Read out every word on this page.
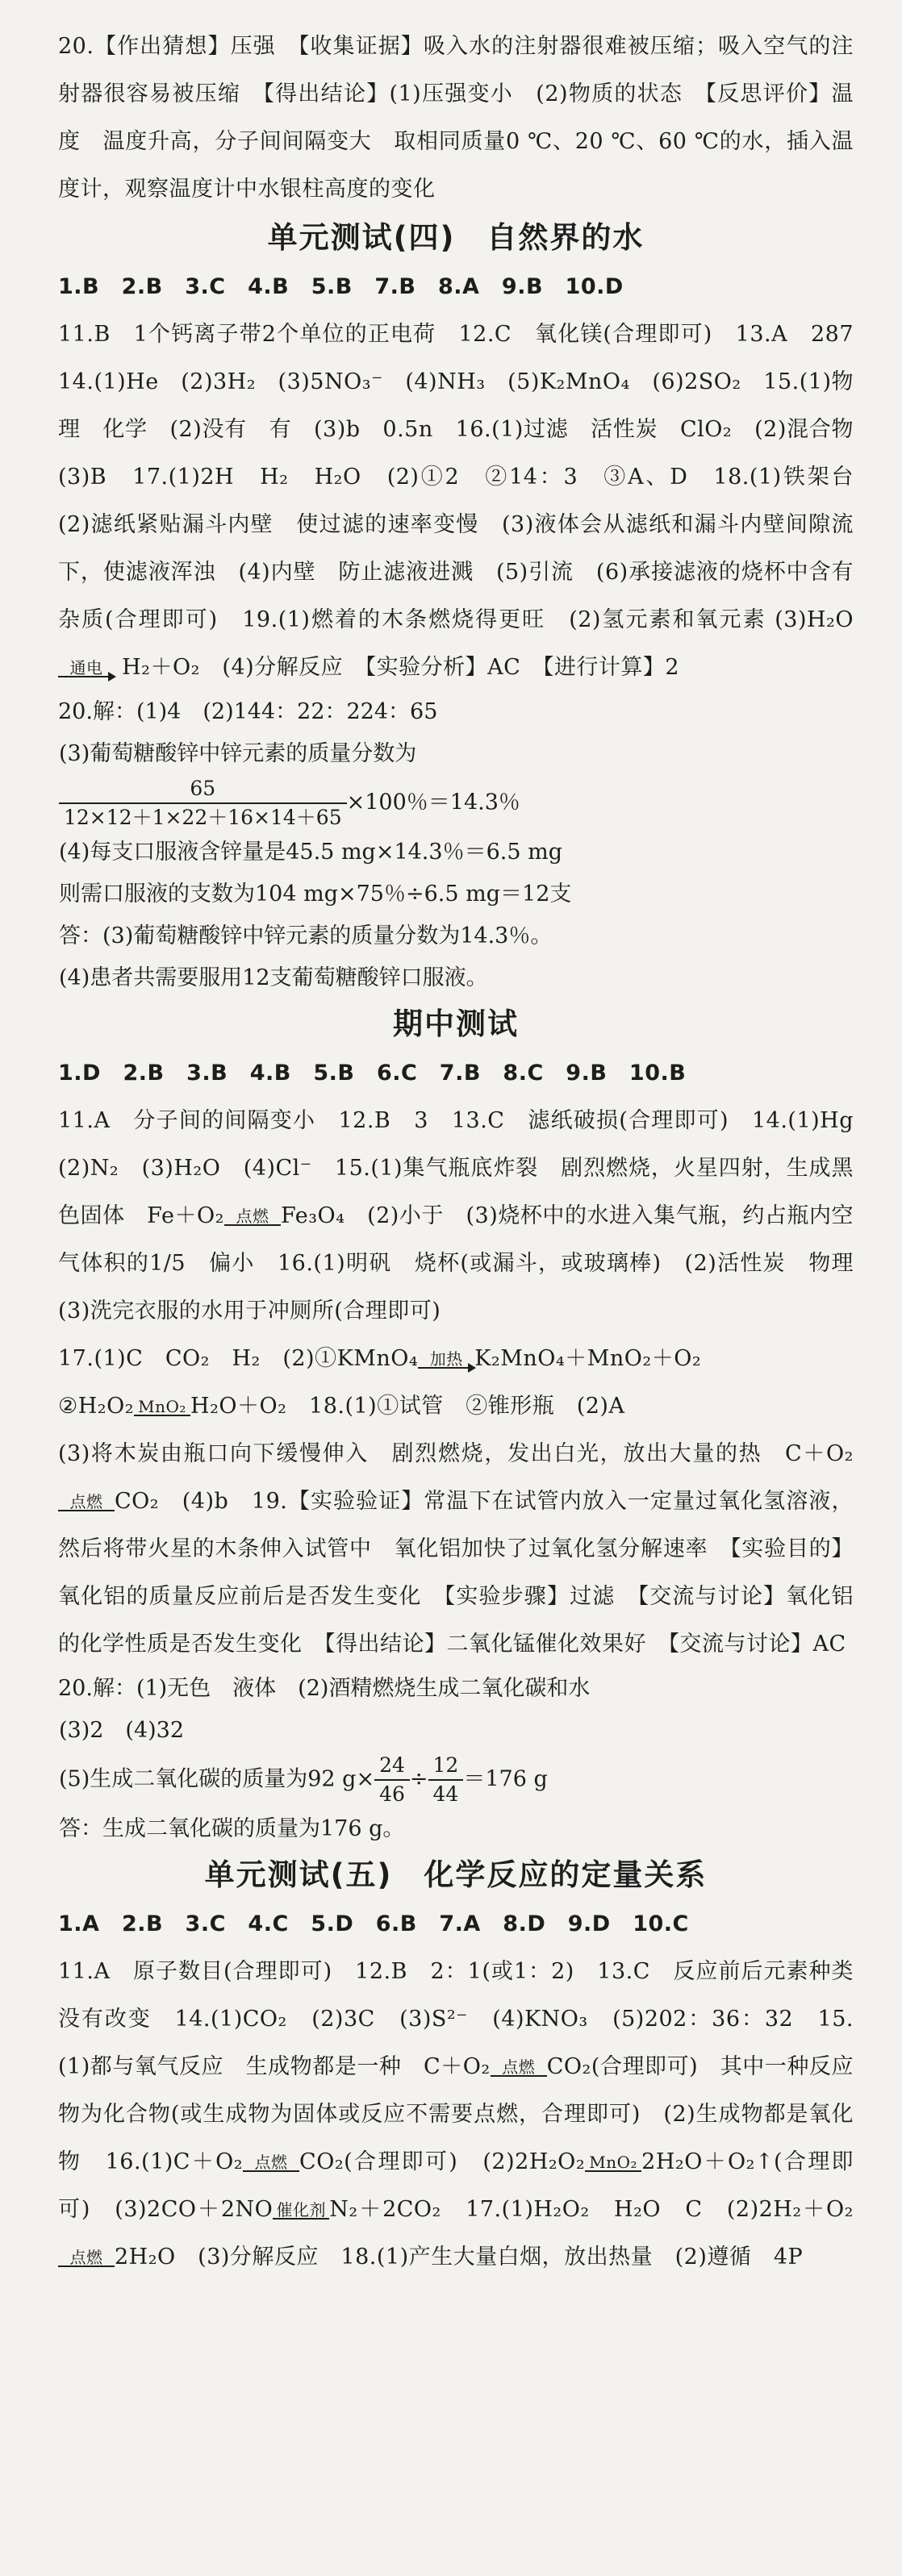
20.【作出猜想】压强　【收集证据】吸入水的注射器很难被压缩；吸入空气的注射器很容易被压缩　【得出结论】(1)压强变小　(2)物质的状态　【反思评价】温度　温度升高，分子间间隔变大　取相同质量0 ℃、20 ℃、60 ℃的水，插入温度计，观察温度计中水银柱高度的变化

单元测试(四)　自然界的水

1.B　2.B　3.C　4.B　5.B　7.B　8.A　9.B　10.D

11.B　1个钙离子带2个单位的正电荷　12.C　氧化镁(合理即可)　13.A　287　14.(1)He　(2)3H₂　(3)5NO₃⁻　(4)NH₃　(5)K₂MnO₄　(6)2SO₂　15.(1)物理　化学　(2)没有　有　(3)b　0.5n　16.(1)过滤　活性炭　ClO₂　(2)混合物　(3)B　17.(1)2H　H₂　H₂O　(2)①2　②14：3　③A、D　18.(1)铁架台　(2)滤纸紧贴漏斗内壁　使过滤的速率变慢　(3)液体会从滤纸和漏斗内壁间隙流下，使滤液浑浊　(4)内壁　防止滤液进溅　(5)引流　(6)承接滤液的烧杯中含有杂质(合理即可)　19.(1)燃着的木条燃烧得更旺　(2)氢元素和氧元素 (3)H₂O
通电 H₂＋O₂　(4)分解反应　【实验分析】AC　【进行计算】2

20.解：(1)4　(2)144：22：224：65

(3)葡萄糖酸锌中锌元素的质量分数为

$\frac{65}{12\times 12+1\times 22+16\times 14+65} \times 100$％＝14.3％

(4)每支口服液含锌量是45.5 mg×14.3％＝6.5 mg

则需口服液的支数为104 mg×75％÷6.5 mg＝12支

答：(3)葡萄糖酸锌中锌元素的质量分数为14.3％。

(4)患者共需要服用12支葡萄糖酸锌口服液。

期中测试

1.D　2.B　3.B　4.B　5.B　6.C　7.B　8.C　9.B　10.B

11.A　分子间的间隔变小　12.B　3　13.C　滤纸破损(合理即可)　14.(1)Hg　(2)N₂　(3)H₂O　(4)Cl⁻　15.(1)集气瓶底炸裂　剧烈燃烧，火星四射，生成黑色固体　Fe＋O₂ 点燃 Fe₃O₄　(2)小于　(3)烧杯中的水进入集气瓶，约占瓶内空气体积的1/5　偏小　16.(1)明矾　烧杯(或漏斗，或玻璃棒)　(2)活性炭　物理　(3)洗完衣服的水用于冲厕所(合理即可)

17.(1)C　CO₂　H₂　(2)①KMnO₄ 加热 K₂MnO₄＋MnO₂＋O₂

②H₂O₂ MnO₂ H₂O＋O₂　18.(1)①试管　②锥形瓶　(2)A

(3)将木炭由瓶口向下缓慢伸入　剧烈燃烧，发出白光，放出大量的热　C＋O₂
点燃 CO₂　(4)b　19.【实验验证】常温下在试管内放入一定量过氧化氢溶液，然后将带火星的木条伸入试管中　氧化铝加快了过氧化氢分解速率　【实验目的】氧化铝的质量反应前后是否发生变化　【实验步骤】过滤　【交流与讨论】氧化铝的化学性质是否发生变化　【得出结论】二氧化锰催化效果好　【交流与讨论】AC

20.解：(1)无色　液体　(2)酒精燃烧生成二氧化碳和水

(3)2　(4)32

(5)生成二氧化碳的质量为92 $g\times \frac{24}{46} \div \frac{12}{44} =176$ g

答：生成二氧化碳的质量为176 g。

单元测试(五)　化学反应的定量关系

1.A　2.B　3.C　4.C　5.D　6.B　7.A　8.D　9.D　10.C

11.A　原子数目(合理即可)　12.B　2：1(或1：2)　13.C　反应前后元素种类没有改变　14.(1)CO₂　(2)3C　(3)S²⁻　(4)KNO₃　(5)202：36：32　15.(1)都与氧气反应　生成物都是一种　C＋O₂ 点燃 CO₂(合理即可)　其中一种反应物为化合物(或生成物为固体或反应不需要点燃，合理即可)　(2)生成物都是氧化物　16.(1)C＋O₂ 点燃 CO₂(合理即可)　(2)2H₂O₂ MnO₂ 2H₂O＋O₂↑(合理即可)　(3)2CO＋2NO 催化剂 N₂＋2CO₂　17.(1)H₂O₂　H₂O　C　(2)2H₂＋O₂
点燃 2H₂O　(3)分解反应　18.(1)产生大量白烟，放出热量　(2)遵循　4P
